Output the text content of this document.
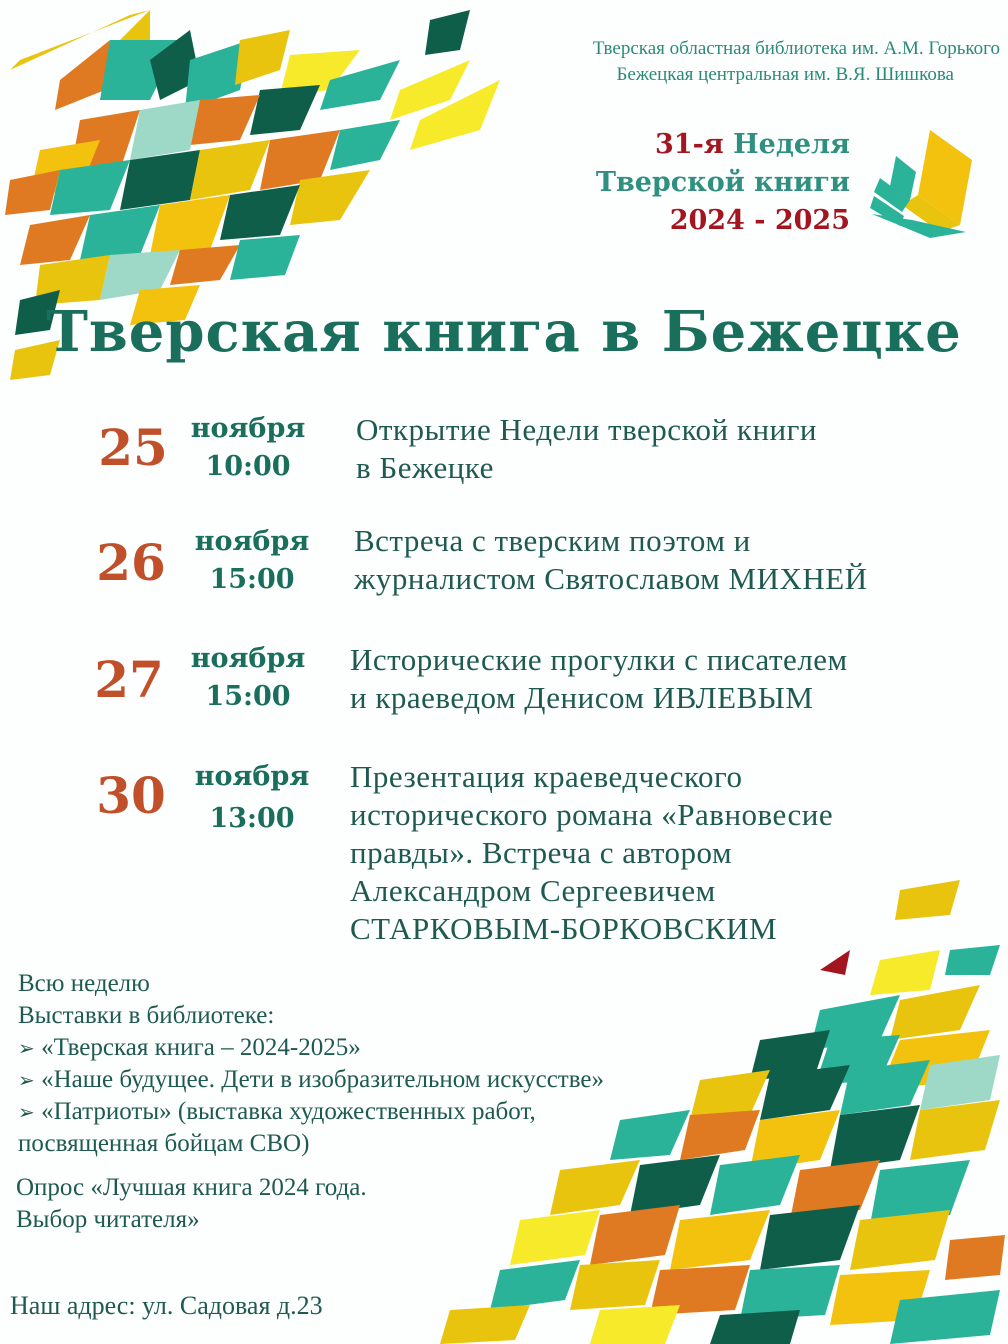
Тверская областная библиотека им. А.М. Горького
Бежецкая центральная им. В.Я. Шишкова
31-я Неделя
Тверской книги
2024 - 2025
Тверская книга в Бежецке
25 ноября
10:00
Открытие Недели тверской книги
в Бежецке
26	ноября
15:00
Встреча с тверским поэтом и
журналистом Святославом МИХНЕЙ
27 ноября
15:00
Исторические прогулки с писателем
и краеведом Денисом ИВЛЕВЫМ
30	ноября
13:00
Презентация краеведческого
исторического романа «Равновесие
правды». Встреча с автором
Александром Сергеевичем
СТАРКОВЫМ-БОРКОВСКИМ
Всю неделю
Выставки в библиотеке:
➢ «Тверская книга – 2024-2025»
➢ «Наше будущее. Дети в изобразительном искусстве»
➢ «Патриоты» (выставка художественных работ,
посвященная бойцам СВО)
Опрос «Лучшая книга 2024 года.
Выбор читателя»
Наш адрес: ул. Садовая д.23
